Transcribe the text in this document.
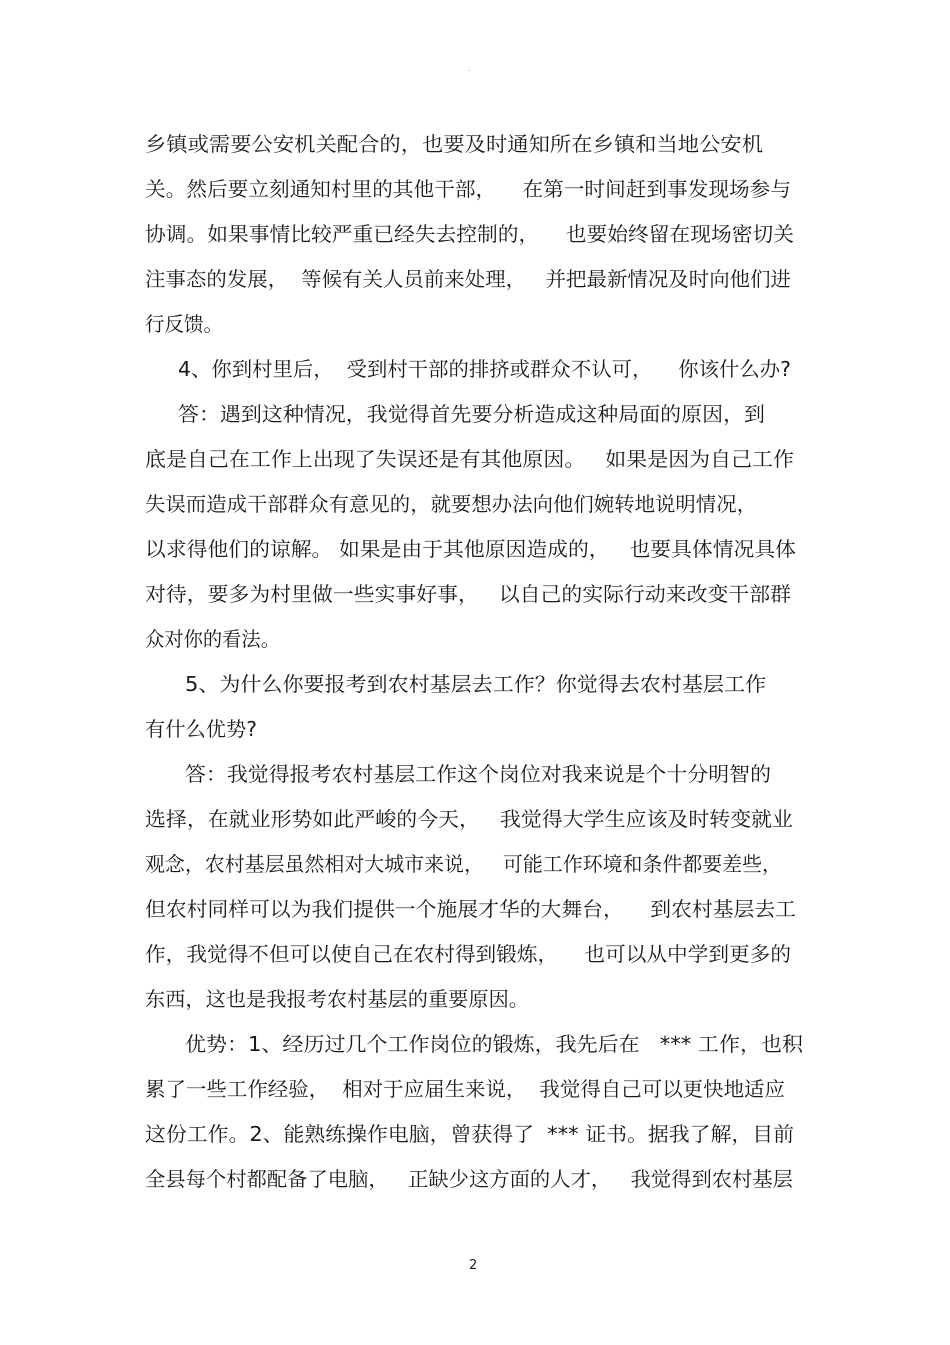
.
乡镇或需要公安机关配合的，也要及时通知所在乡镇和当地公安机
关。然后要立刻通知村里的其他干部，    在第一时间赶到事发现场参与
协调。如果事情比较严重已经失去控制的，    也要始终留在现场密切关
注事态的发展，  等候有关人员前来处理，   并把最新情况及时向他们进
行反馈。
4、你到村里后，  受到村干部的排挤或群众不认可，    你该什么办?
答：遇到这种情况，我觉得首先要分析造成这种局面的原因，到
底是自己在工作上出现了失误还是有其他原因。   如果是因为自己工作
失误而造成干部群众有意见的，就要想办法向他们婉转地说明情况，
以求得他们的谅解。 如果是由于其他原因造成的，   也要具体情况具体
对待，要多为村里做一些实事好事，   以自己的实际行动来改变干部群
众对你的看法。
5、为什么你要报考到农村基层去工作？你觉得去农村基层工作
有什么优势?
答：我觉得报考农村基层工作这个岗位对我来说是个十分明智的
选择，在就业形势如此严峻的今天，   我觉得大学生应该及时转变就业
观念，农村基层虽然相对大城市来说，   可能工作环境和条件都要差些，
但农村同样可以为我们提供一个施展才华的大舞台，    到农村基层去工
作，我觉得不但可以使自己在农村得到锻炼，    也可以从中学到更多的
东西，这也是我报考农村基层的重要原因。
优势：1、经历过几个工作岗位的锻炼，我先后在   *** 工作，也积
累了一些工作经验，  相对于应届生来说，  我觉得自己可以更快地适应
这份工作。2、能熟练操作电脑，曾获得了  *** 证书。据我了解，目前
全县每个村都配备了电脑，   正缺少这方面的人才，   我觉得到农村基层
2
